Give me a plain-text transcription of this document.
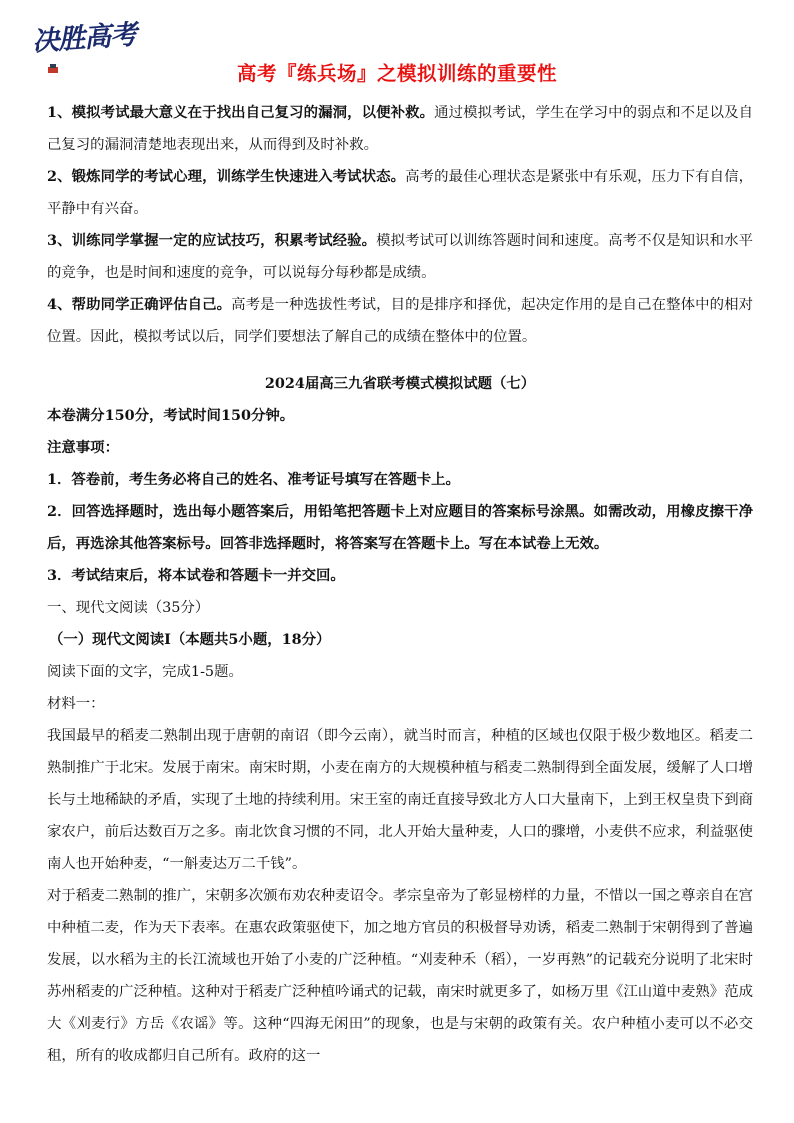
决胜高考
高考『练兵场』之模拟训练的重要性

1、模拟考试最大意义在于找出自己复习的漏洞，以便补救。通过模拟考试，学生在学习中的弱点和不足以及自己复习的漏洞清楚地表现出来，从而得到及时补救。

2、锻炼同学的考试心理，训练学生快速进入考试状态。高考的最佳心理状态是紧张中有乐观，压力下有自信，平静中有兴奋。

3、训练同学掌握一定的应试技巧，积累考试经验。模拟考试可以训练答题时间和速度。高考不仅是知识和水平的竞争，也是时间和速度的竞争，可以说每分每秒都是成绩。

4、帮助同学正确评估自己。高考是一种选拔性考试，目的是排序和择优，起决定作用的是自己在整体中的相对位置。因此，模拟考试以后，同学们要想法了解自己的成绩在整体中的位置。

2024届高三九省联考模式模拟试题（七）

本卷满分150分，考试时间150分钟。

注意事项：

1．答卷前，考生务必将自己的姓名、准考证号填写在答题卡上。

2．回答选择题时，选出每小题答案后，用铅笔把答题卡上对应题目的答案标号涂黑。如需改动，用橡皮擦干净后，再选涂其他答案标号。回答非选择题时，将答案写在答题卡上。写在本试卷上无效。

3．考试结束后，将本试卷和答题卡一并交回。

一、现代文阅读（35分）

（一）现代文阅读Ⅰ（本题共5小题，18分）

阅读下面的文字，完成1-5题。

材料一：

我国最早的稻麦二熟制出现于唐朝的南诏（即今云南），就当时而言，种植的区域也仅限于极少数地区。稻麦二熟制推广于北宋。发展于南宋。南宋时期，小麦在南方的大规模种植与稻麦二熟制得到全面发展，缓解了人口增长与土地稀缺的矛盾，实现了土地的持续利用。宋王室的南迁直接导致北方人口大量南下，上到王权皇贵下到商家农户，前后达数百万之多。南北饮食习惯的不同，北人开始大量种麦，人口的骤增，小麦供不应求，利益驱使南人也开始种麦，“一斛麦达万二千钱”。

对于稻麦二熟制的推广，宋朝多次颁布劝农种麦诏令。孝宗皇帝为了彰显榜样的力量，不惜以一国之尊亲自在宫中种植二麦，作为天下表率。在惠农政策驱使下，加之地方官员的积极督导劝诱，稻麦二熟制于宋朝得到了普遍发展，以水稻为主的长江流域也开始了小麦的广泛种植。“刈麦种禾（稻），一岁再熟”的记载充分说明了北宋时苏州稻麦的广泛种植。这种对于稻麦广泛种植吟诵式的记载，南宋时就更多了，如杨万里《江山道中麦熟》范成大《刈麦行》方岳《农谣》等。这种“四海无闲田”的现象，也是与宋朝的政策有关。农户种植小麦可以不必交租，所有的收成都归自己所有。政府的这一
